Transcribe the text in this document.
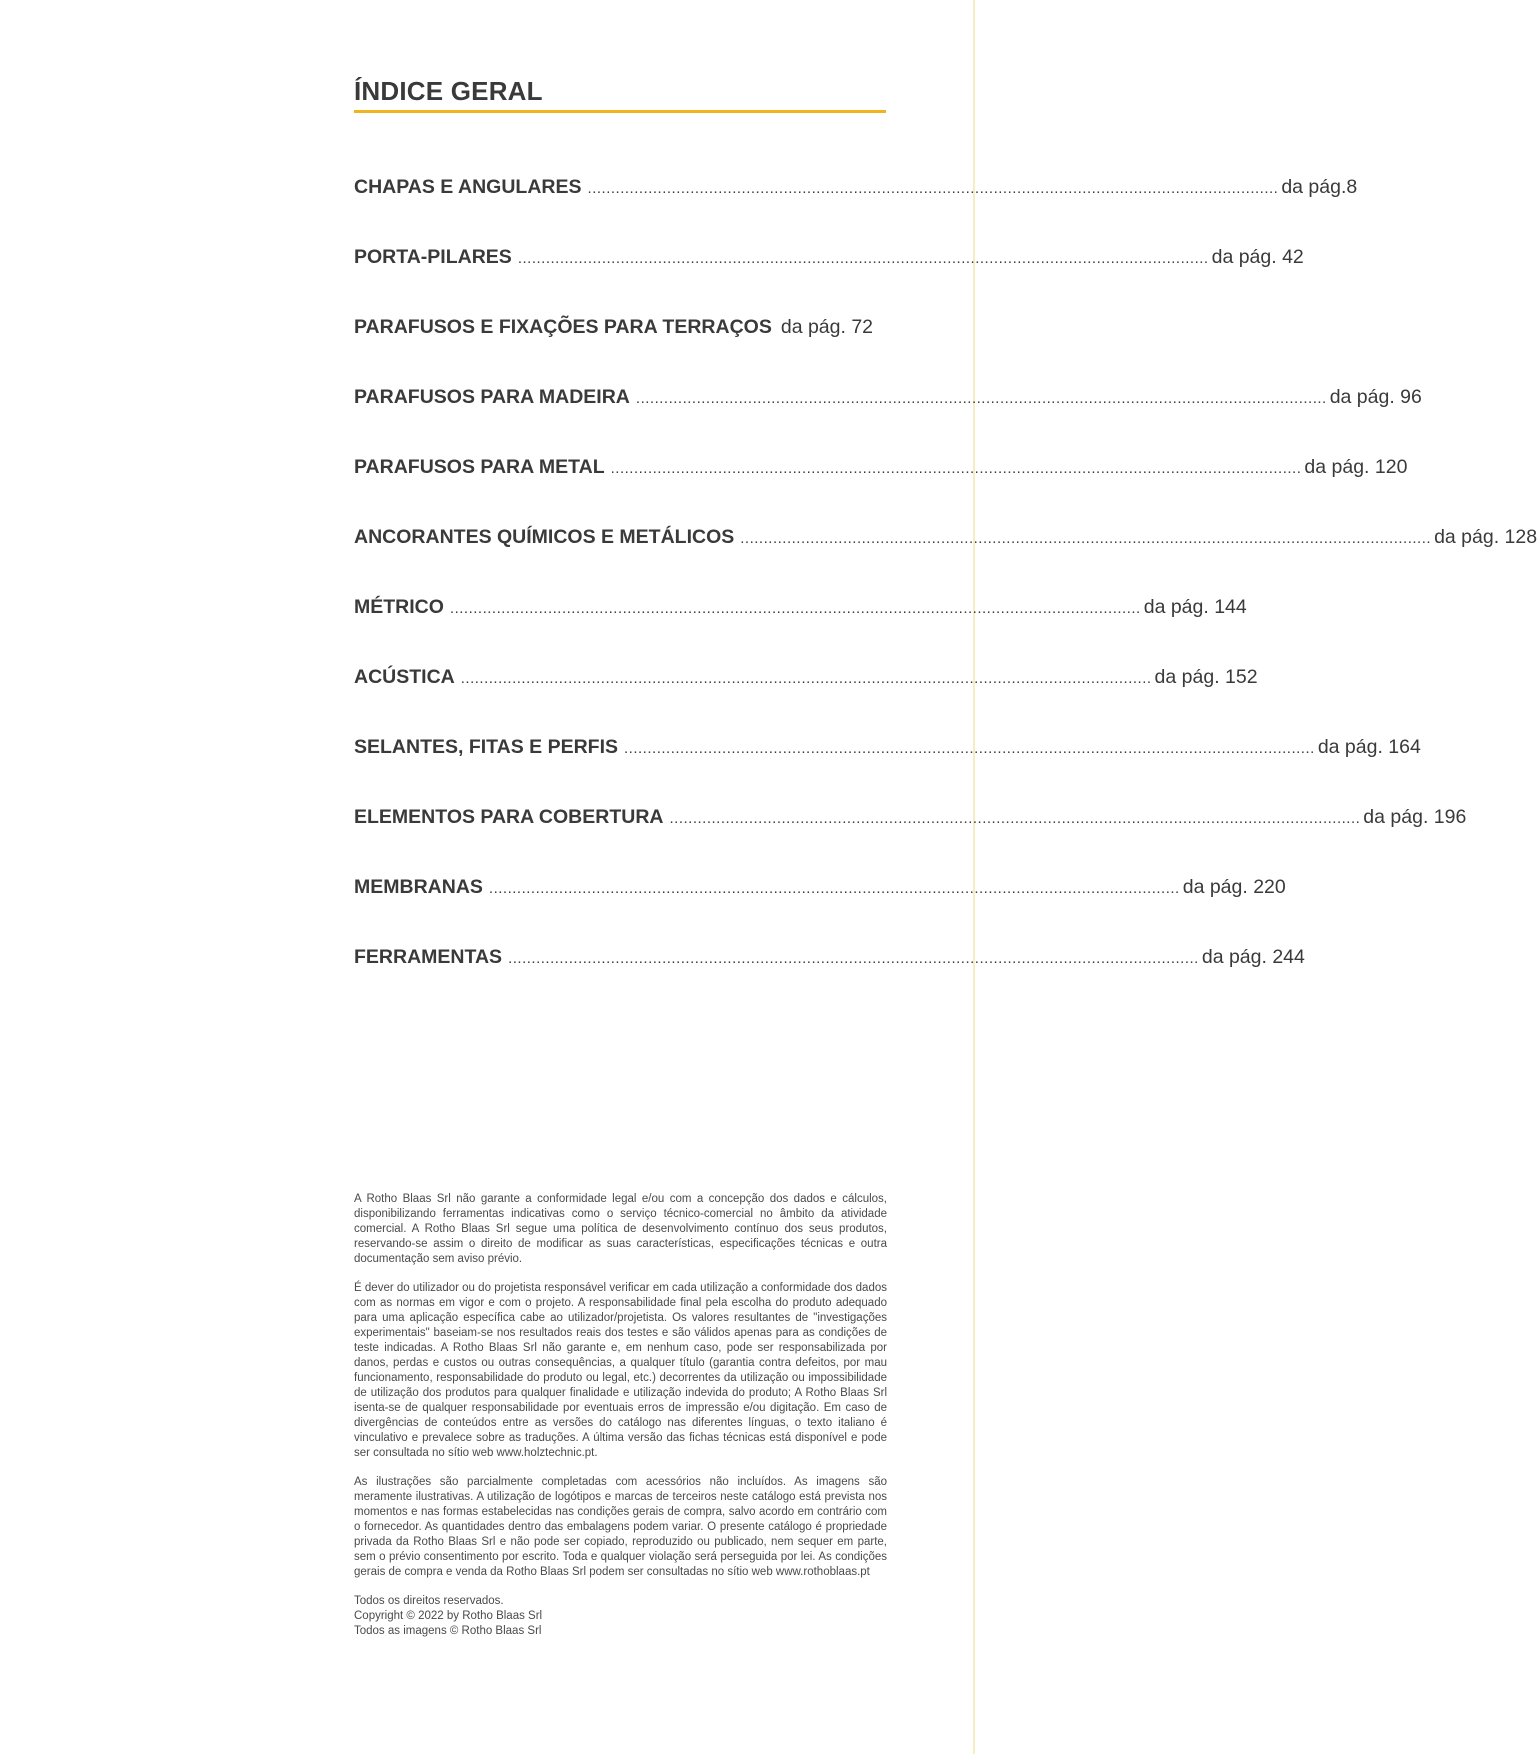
ÍNDICE GERAL
CHAPAS E ANGULARES .................................................................................................................................................... da pág.8
PORTA-PILARES .................................................................................................................................................... da pág. 42
PARAFUSOS E FIXAÇÕES PARA TERRAÇOS da pág. 72
PARAFUSOS PARA MADEIRA .................................................................................................................................................... da pág. 96
PARAFUSOS PARA METAL .................................................................................................................................................... da pág. 120
ANCORANTES QUÍMICOS E METÁLICOS .................................................................................................................................................... da pág. 128
MÉTRICO .................................................................................................................................................... da pág. 144
ACÚSTICA .................................................................................................................................................... da pág. 152
SELANTES, FITAS E PERFIS .................................................................................................................................................... da pág. 164
ELEMENTOS PARA COBERTURA .................................................................................................................................................... da pág. 196
MEMBRANAS .................................................................................................................................................... da pág. 220
FERRAMENTAS .................................................................................................................................................... da pág. 244

A Rotho Blaas Srl não garante a conformidade legal e/ou com a concepção dos dados e cálculos, disponibilizando ferramentas indicativas como o serviço técnico-comercial no âmbito da atividade comercial. A Rotho Blaas Srl segue uma política de desenvolvimento contínuo dos seus produtos, reservando-se assim o direito de modificar as suas características, especificações técnicas e outra documentação sem aviso prévio.

É dever do utilizador ou do projetista responsável verificar em cada utilização a conformidade dos dados com as normas em vigor e com o projeto. A responsabilidade final pela escolha do produto adequado para uma aplicação específica cabe ao utilizador/projetista. Os valores resultantes de "investigações experimentais" baseiam-se nos resultados reais dos testes e são válidos apenas para as condições de teste indicadas. A Rotho Blaas Srl não garante e, em nenhum caso, pode ser responsabilizada por danos, perdas e custos ou outras consequências, a qualquer título (garantia contra defeitos, por mau funcionamento, responsabilidade do produto ou legal, etc.) decorrentes da utilização ou impossibilidade de utilização dos produtos para qualquer finalidade e utilização indevida do produto; A Rotho Blaas Srl isenta-se de qualquer responsabilidade por eventuais erros de impressão e/ou digitação. Em caso de divergências de conteúdos entre as versões do catálogo nas diferentes línguas, o texto italiano é vinculativo e prevalece sobre as traduções. A última versão das fichas técnicas está disponível e pode ser consultada no sítio web www.holztechnic.pt.

As ilustrações são parcialmente completadas com acessórios não incluídos. As imagens são meramente ilustrativas. A utilização de logótipos e marcas de terceiros neste catálogo está prevista nos momentos e nas formas estabelecidas nas condições gerais de compra, salvo acordo em contrário com o fornecedor. As quantidades dentro das embalagens podem variar. O presente catálogo é propriedade privada da Rotho Blaas Srl e não pode ser copiado, reproduzido ou publicado, nem sequer em parte, sem o prévio consentimento por escrito. Toda e qualquer violação será perseguida por lei. As condições gerais de compra e venda da Rotho Blaas Srl podem ser consultadas no sítio web www.rothoblaas.pt

Todos os direitos reservados.
Copyright © 2022 by Rotho Blaas Srl
Todos as imagens © Rotho Blaas Srl
